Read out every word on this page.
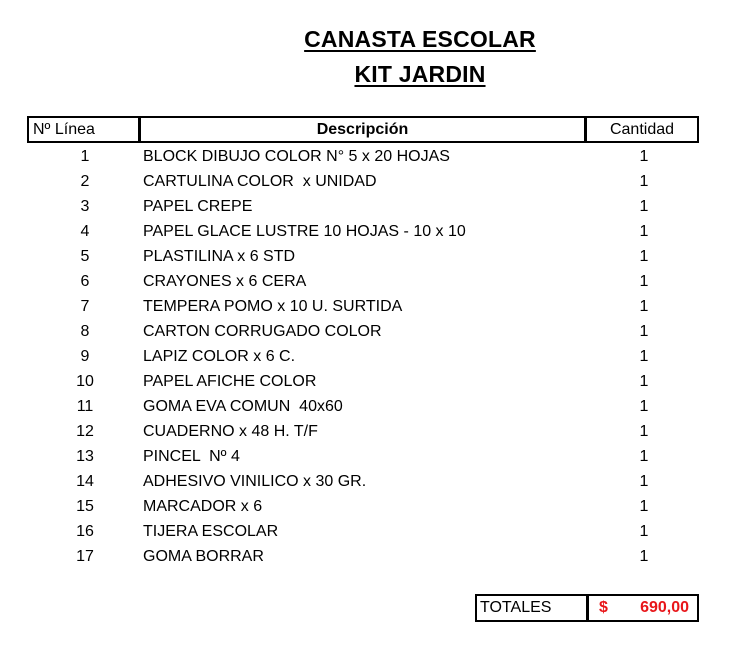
CANASTA ESCOLAR
KIT JARDIN
Nº Línea	Descripción	Cantidad
1	BLOCK DIBUJO COLOR N° 5 x 20 HOJAS	1
2	CARTULINA COLOR  x UNIDAD	1
3	PAPEL CREPE	1
4	PAPEL GLACE LUSTRE 10 HOJAS - 10 x 10	1
5	PLASTILINA x 6 STD	1
6	CRAYONES x 6 CERA	1
7	TEMPERA POMO x 10 U. SURTIDA	1
8	CARTON CORRUGADO COLOR	1
9	LAPIZ COLOR x 6 C.	1
10	PAPEL AFICHE COLOR	1
11	GOMA EVA COMUN  40x60	1
12	CUADERNO x 48 H. T/F	1
13	PINCEL  Nº 4	1
14	ADHESIVO VINILICO x 30 GR.	1
15	MARCADOR x 6	1
16	TIJERA ESCOLAR	1
17	GOMA BORRAR	1
TOTALES	$ 690,00
